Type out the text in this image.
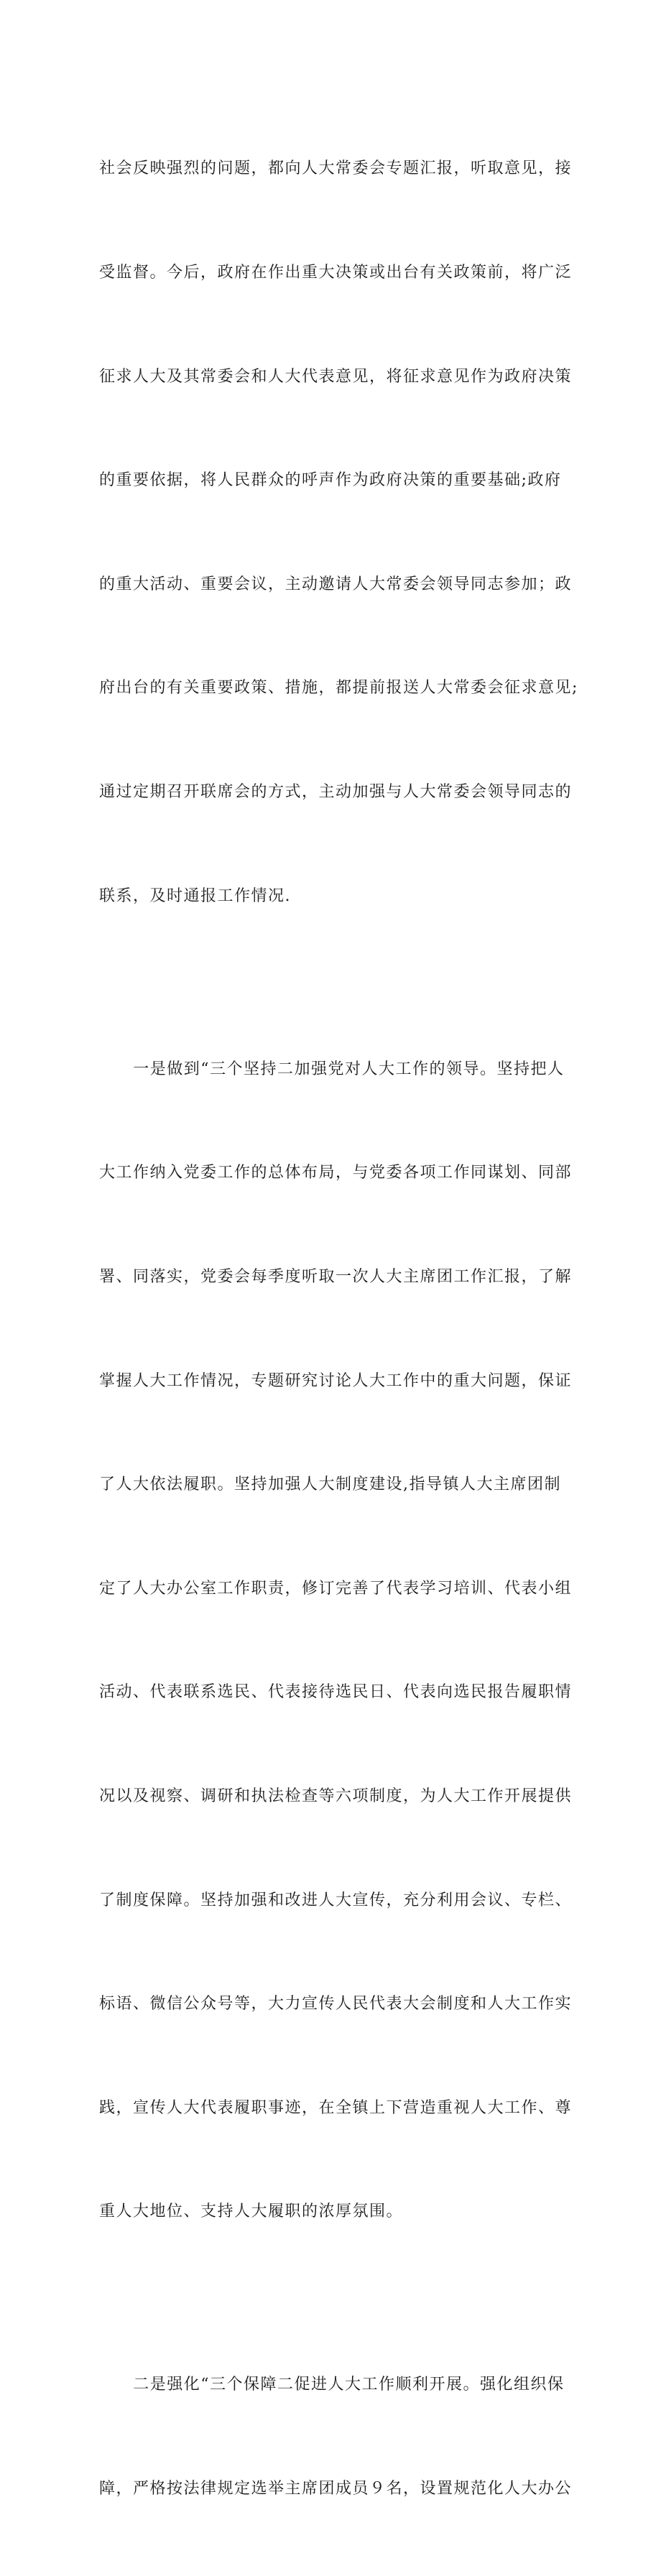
社会反映强烈的问题，都向人大常委会专题汇报，听取意见，接

受监督。今后，政府在作出重大决策或出台有关政策前，将广泛

征求人大及其常委会和人大代表意见，将征求意见作为政府决策

的重要依据，将人民群众的呼声作为政府决策的重要基础;政府

的重大活动、重要会议，主动邀请人大常委会领导同志参加；政

府出台的有关重要政策、措施，都提前报送人大常委会征求意见;

通过定期召开联席会的方式，主动加强与人大常委会领导同志的

联系，及时通报工作情况.

一是做到“三个坚持二加强党对人大工作的领导。坚持把人

大工作纳入党委工作的总体布局，与党委各项工作同谋划、同部

署、同落实，党委会每季度听取一次人大主席团工作汇报，了解

掌握人大工作情况，专题研究讨论人大工作中的重大问题，保证

了人大依法履职。坚持加强人大制度建设,指导镇人大主席团制

定了人大办公室工作职责，修订完善了代表学习培训、代表小组

活动、代表联系选民、代表接待选民日、代表向选民报告履职情

况以及视察、调研和执法检查等六项制度，为人大工作开展提供

了制度保障。坚持加强和改进人大宣传，充分利用会议、专栏、

标语、微信公众号等，大力宣传人民代表大会制度和人大工作实

践，宣传人大代表履职事迹，在全镇上下营造重视人大工作、尊

重人大地位、支持人大履职的浓厚氛围。

二是强化“三个保障二促进人大工作顺利开展。强化组织保

障，严格按法律规定选举主席团成员９名，设置规范化人大办公
